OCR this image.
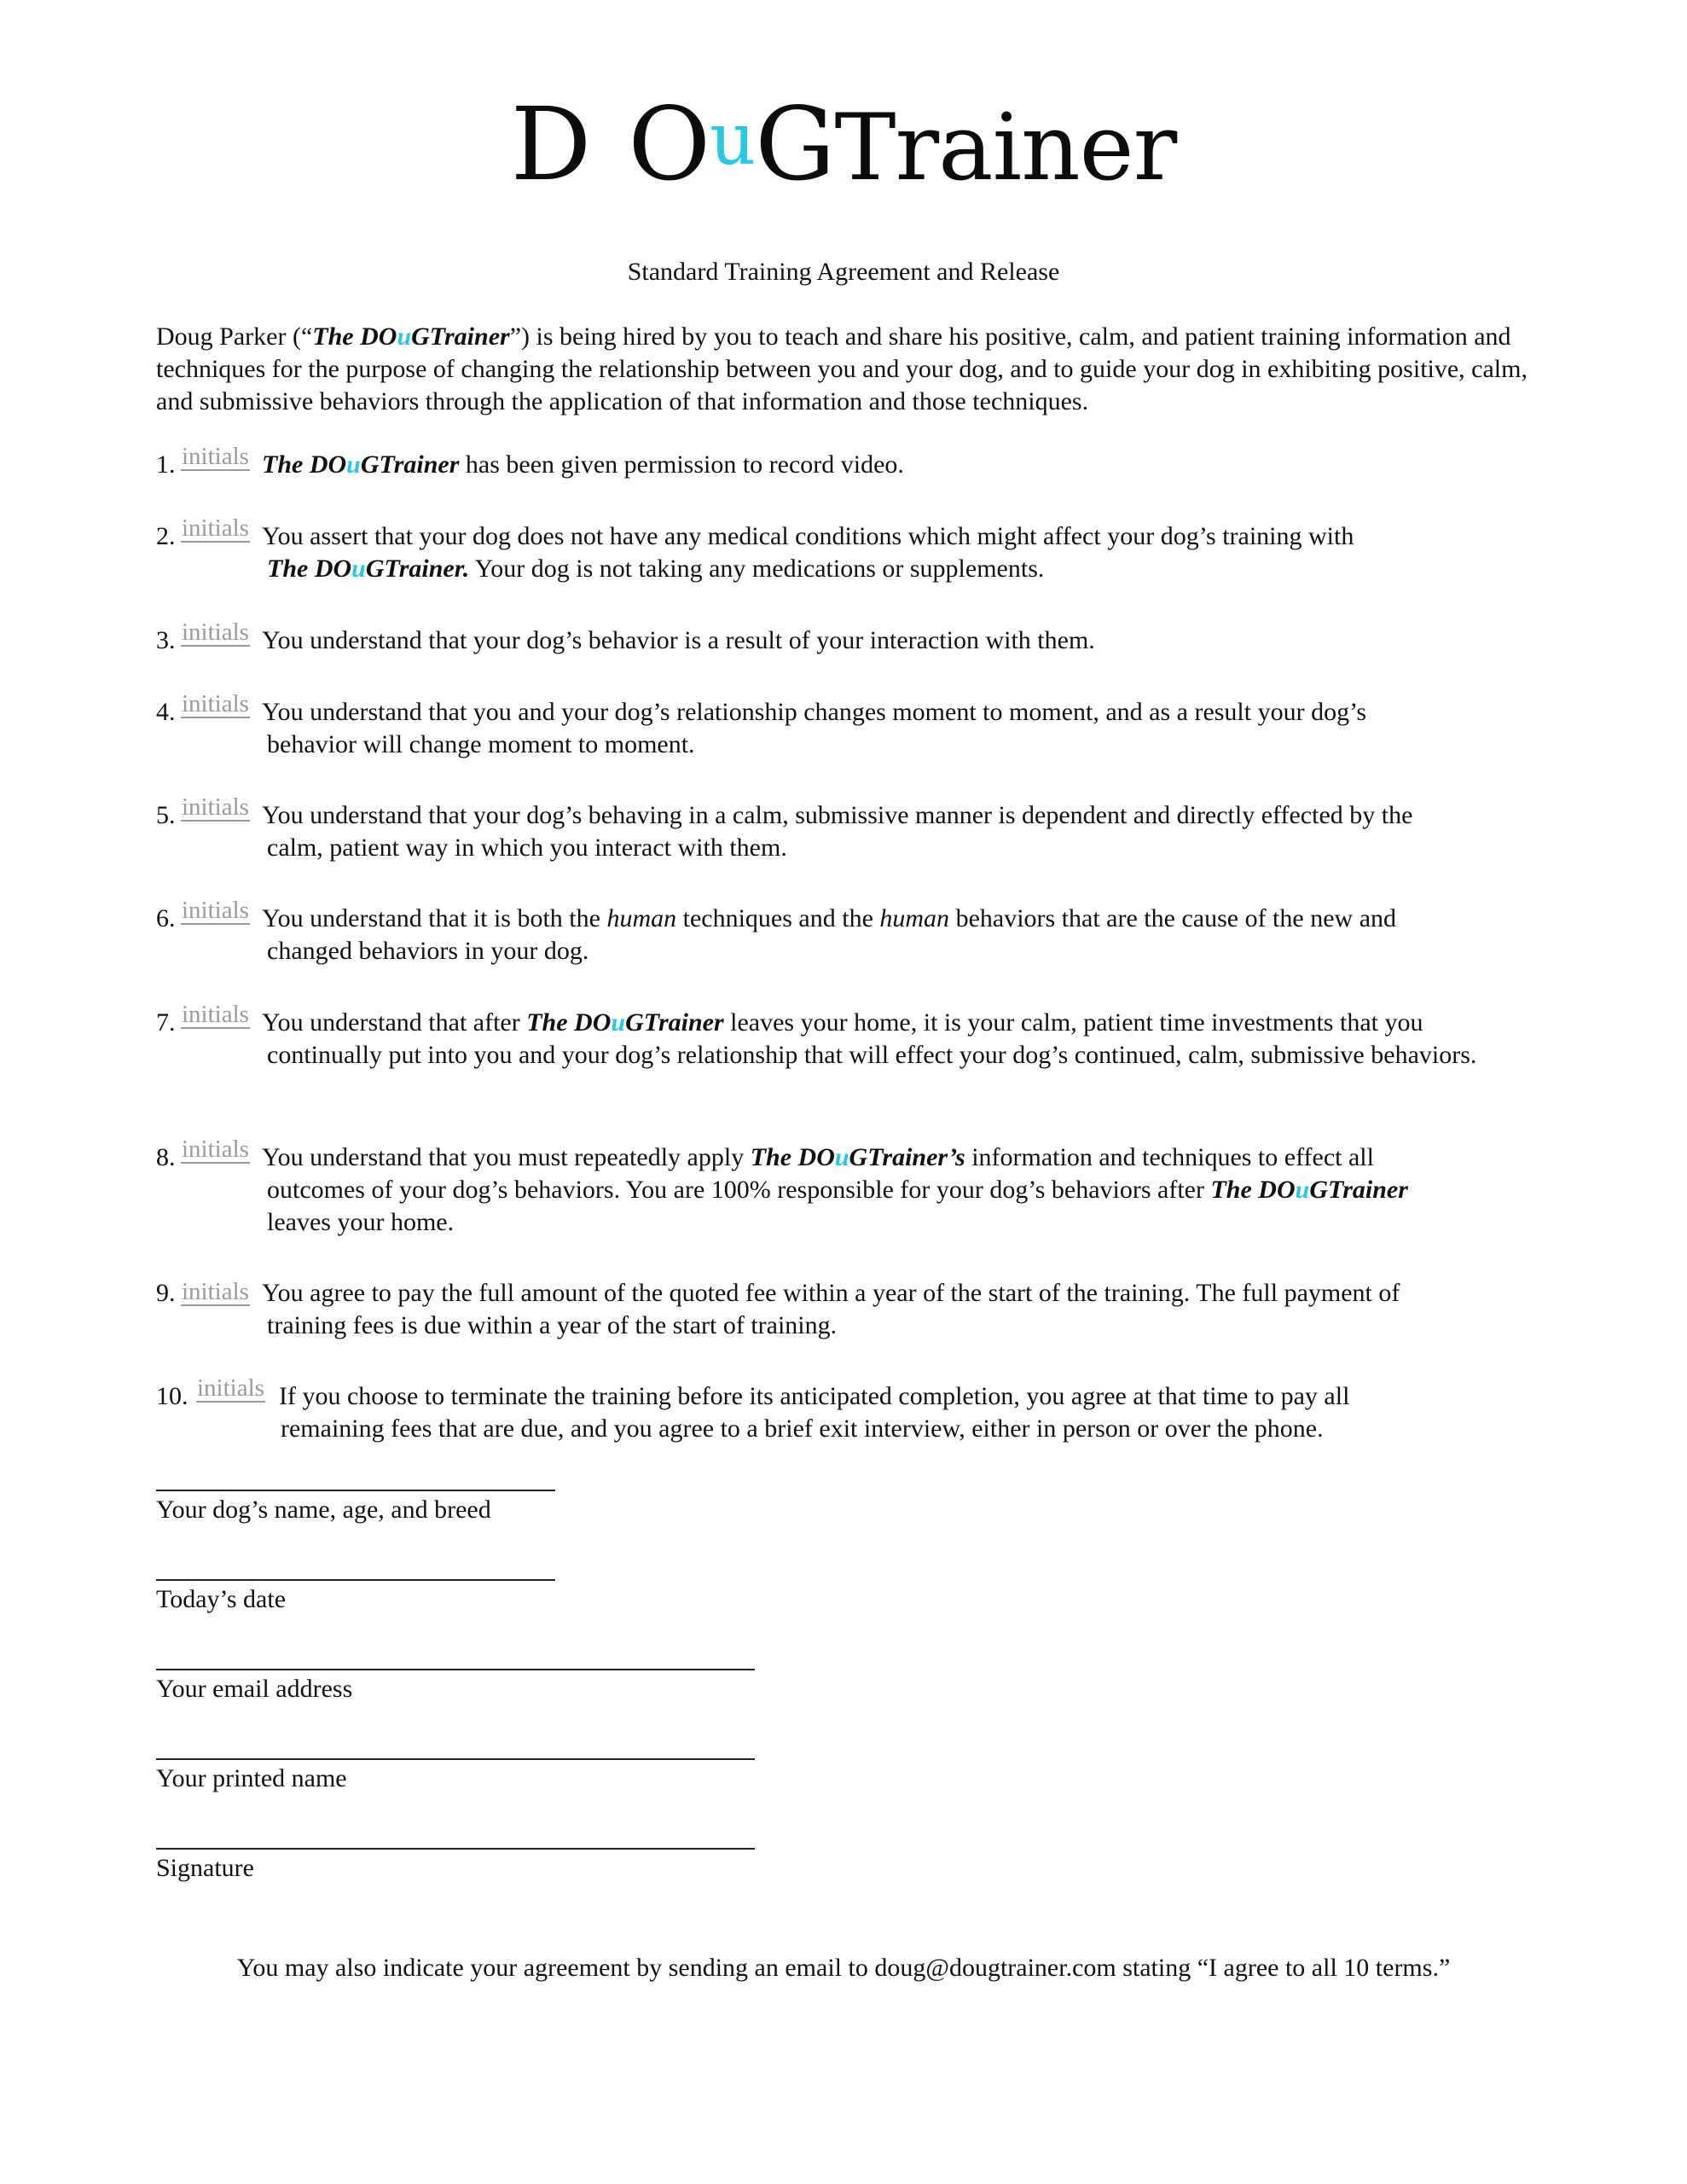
D OuGTrainer
Standard Training Agreement and Release
Doug Parker (“The DOuGTrainer”) is being hired by you to teach and share his positive, calm, and patient training information and techniques for the purpose of changing the relationship between you and your dog, and to guide your dog in exhibiting positive, calm, and submissive behaviors through the application of that information and those techniques.
1. initials The DOuGTrainer has been given permission to record video.
2. initials You assert that your dog does not have any medical conditions which might affect your dog’s training with
The DOuGTrainer. Your dog is not taking any medications or supplements.
3. initials You understand that your dog’s behavior is a result of your interaction with them.
4. initials You understand that you and your dog’s relationship changes moment to moment, and as a result your dog’s
behavior will change moment to moment.
5. initials You understand that your dog’s behaving in a calm, submissive manner is dependent and directly effected by the
calm, patient way in which you interact with them.
6. initials You understand that it is both the human techniques and the human behaviors that are the cause of the new and
changed behaviors in your dog.
7. initials You understand that after The DOuGTrainer leaves your home, it is your calm, patient time investments that you
continually put into you and your dog’s relationship that will effect your dog’s continued, calm, submissive behaviors.
8. initials You understand that you must repeatedly apply The DOuGTrainer’s information and techniques to effect all
outcomes of your dog’s behaviors. You are 100% responsible for your dog’s behaviors after The DOuGTrainer
leaves your home.
9. initials You agree to pay the full amount of the quoted fee within a year of the start of the training. The full payment of
training fees is due within a year of the start of training.
10. initials If you choose to terminate the training before its anticipated completion, you agree at that time to pay all
remaining fees that are due, and you agree to a brief exit interview, either in person or over the phone.
Your dog’s name, age, and breed
Today’s date
Your email address
Your printed name
Signature
You may also indicate your agreement by sending an email to doug@dougtrainer.com stating “I agree to all 10 terms.”
